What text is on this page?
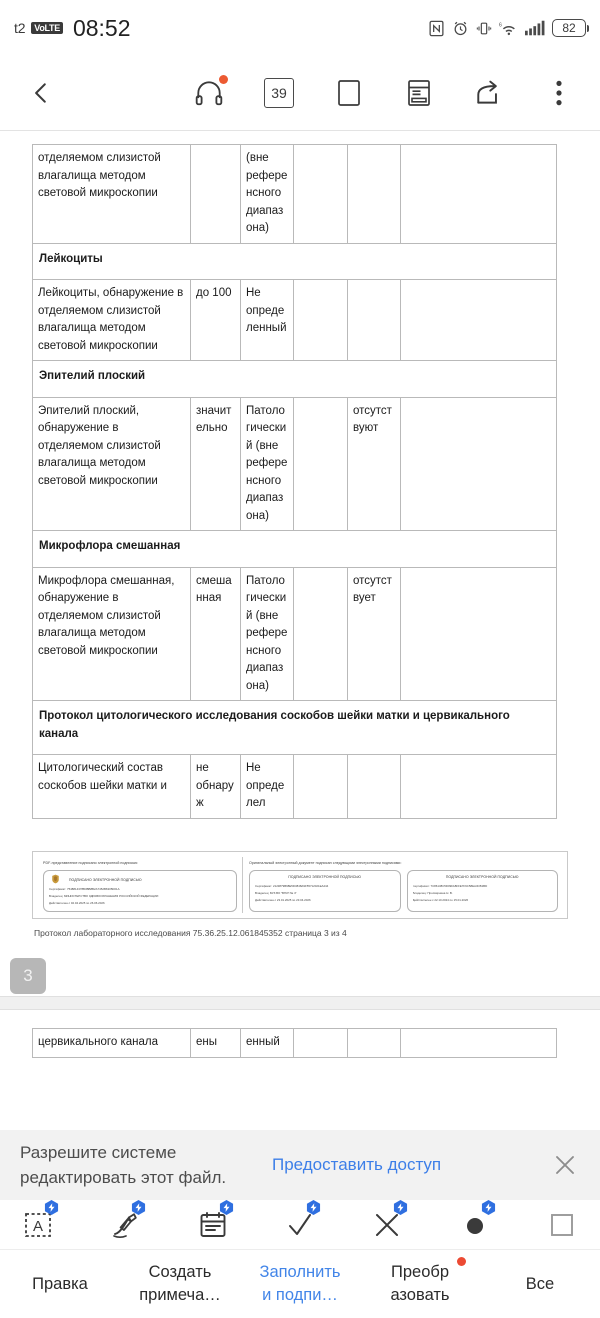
t2	VoLTE 08:52	6	82
39
отделяемом слизистой влагалища методом световой микроскопии		(вне референсного диапазона)			
Лейкоциты					
Лейкоциты, обнаружение в отделяемом слизистой влагалища методом световой микроскопии	до 100	Не определенный			
Эпителий плоский					
Эпителий плоский, обнаружение в отделяемом слизистой влагалища методом световой микроскопии	значительно	Патологический (вне референсного диапазона)		отсутствуют	
Микрофлора смешанная					
Микрофлора смешанная, обнаружение в отделяемом слизистой влагалища методом световой микроскопии	смешанная	Патологический (вне референсного диапазона)		отсутствует	
Протокол цитологического исследования соскобов шейки матки и цервикального канала					
Цитологический состав соскобов шейки матки и	не обнаруж	Не определел			
PDF-представление подписано электронной подписью:
ПОДПИСАНО ЭЛЕКТРОННОЙ ПОДПИСЬЮ
Сертификат: 7548814378B3BB8B2A7452B6305D01A
Владелец: МИНИСТЕРСТВО ЗДРАВООХРАНЕНИЯ РОССИЙСКОЙ ФЕДЕРАЦИИ
Действителен с 02.04.2025 по 26.06.2026
Оригинальный электронный документ подписан следующими электронными подписями:
ПОДПИСАНО ЭЛЕКТРОННОЙ ПОДПИСЬЮ
Сертификат: 2123879B98E5D3848A9F55712021EA244
Владелец: БУЗ ВО "ВГКП № 4"
Действителен с 23.01.2025 по 23.04.2026
ПОДПИСАНО ЭЛЕКТРОННОЙ ПОДПИСЬЮ
Сертификат: 7C86138C5D09FA8FFE7F9C58EA3CB1BD
Владелец: Просвирнина Н. В.
Действителен с 22.10.2024 по 15.01.2026
Протокол лабораторного исследования 75.36.25.12.061845352 страница 3 из 4
3
цервикального канала	ены	енный			
Разрешите системе
редактировать этот файл.
Предоставить доступ
A
Правка
Создать
примеча…
Заполнить
и подпи…
Преобр
азовать
Все
